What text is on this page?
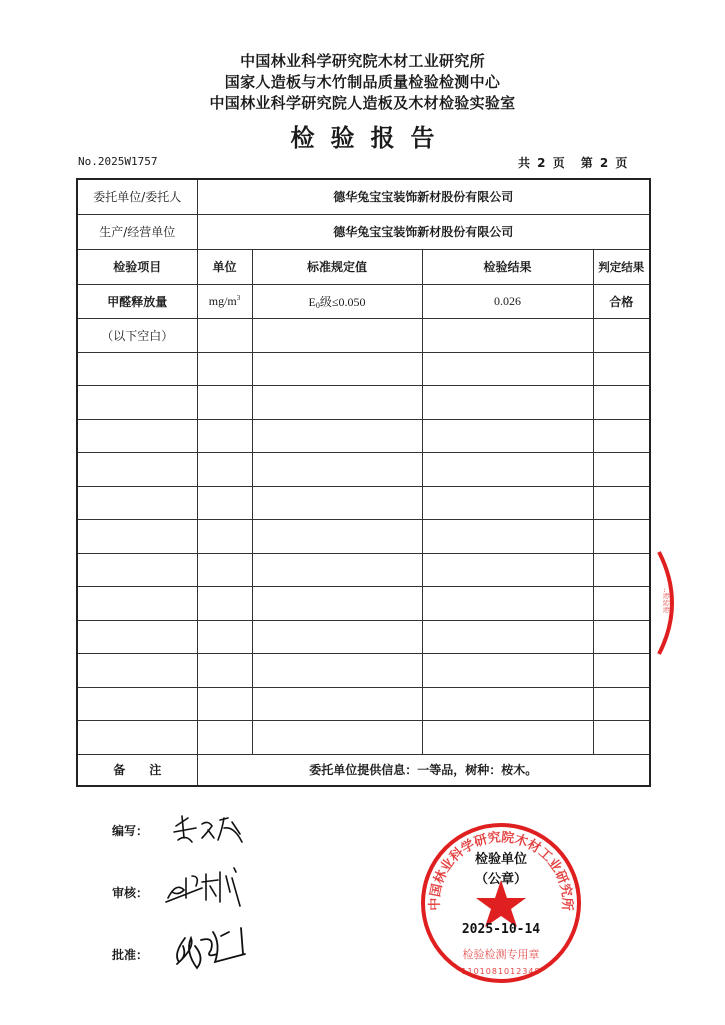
中国林业科学研究院木材工业研究所
国家人造板与木竹制品质量检验检测中心
中国林业科学研究院人造板及木材检验实验室
检验报告
No.2025W1757	共 2 页 第 2 页
委托单位/委托人	德华兔宝宝装饰新材股份有限公司			
生产/经营单位	德华兔宝宝装饰新材股份有限公司			
检验项目	单位	标准规定值	检验结果	判定结果
甲醛释放量	$mg/m^3$	$E_0$级≤0.050	0.026	合格
（以下空白）				

备　　注	委托单位提供信息：一等品，树种：桉木。			
编写：
审核：
批准：
中国林业科学研究院木材工业研究所
检验检测专用章
1101081012348
检验单位
（公章）
2025-10-14
..检验检
